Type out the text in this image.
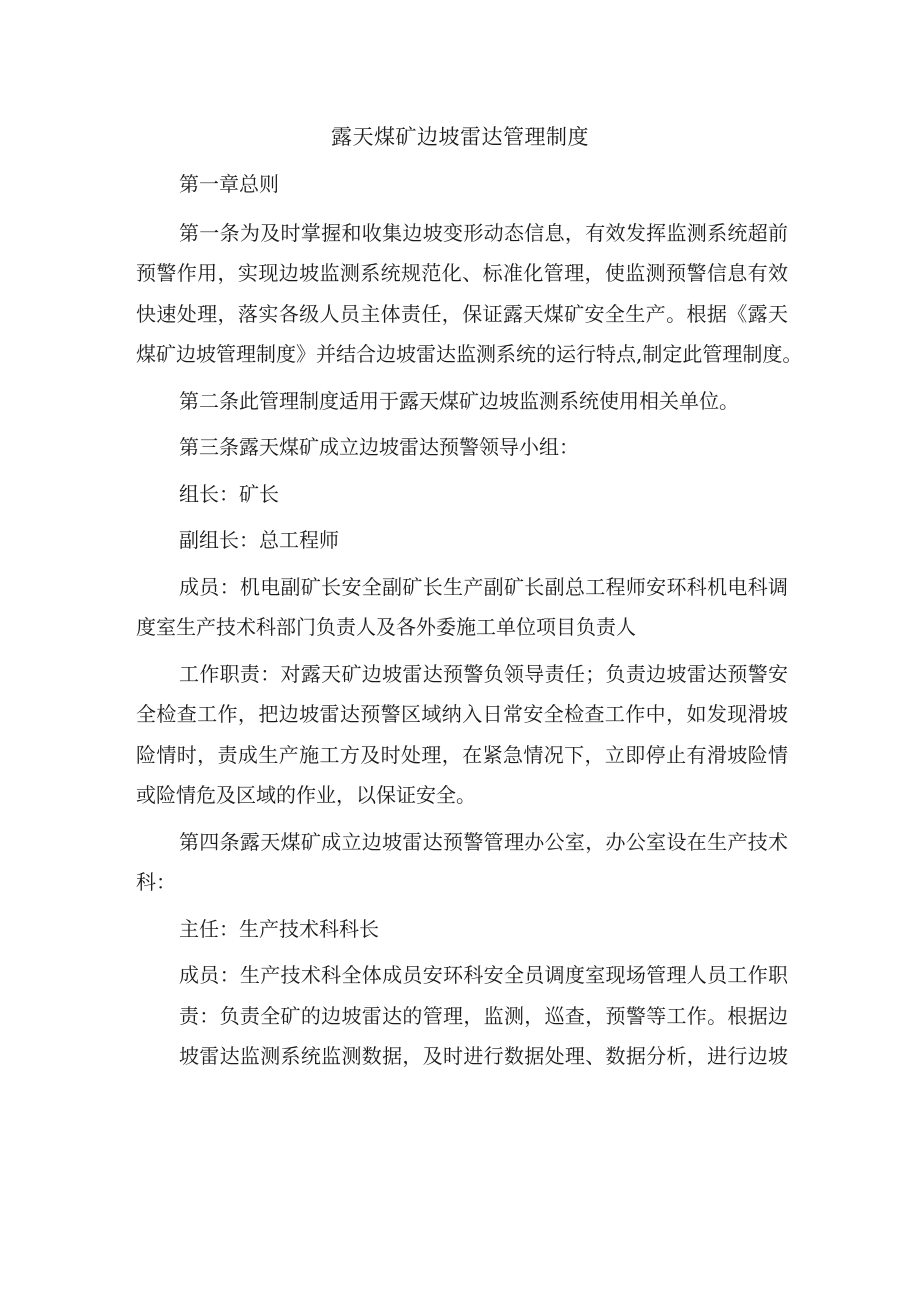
露天煤矿边坡雷达管理制度

第一章总则

第一条为及时掌握和收集边坡变形动态信息，有效发挥监测系统超前
预警作用，实现边坡监测系统规范化、标准化管理，使监测预警信息有效
快速处理，落实各级人员主体责任，保证露天煤矿安全生产。根据《露天
煤矿边坡管理制度》并结合边坡雷达监测系统的运行特点,制定此管理制度。

第二条此管理制度适用于露天煤矿边坡监测系统使用相关单位。

第三条露天煤矿成立边坡雷达预警领导小组：

组长：矿长

副组长：总工程师

成员：机电副矿长安全副矿长生产副矿长副总工程师安环科机电科调
度室生产技术科部门负责人及各外委施工单位项目负责人
工作职责：对露天矿边坡雷达预警负领导责任；负责边坡雷达预警安
全检查工作，把边坡雷达预警区域纳入日常安全检查工作中，如发现滑坡
险情时，责成生产施工方及时处理，在紧急情况下，立即停止有滑坡险情
或险情危及区域的作业，以保证安全。
第四条露天煤矿成立边坡雷达预警管理办公室，办公室设在生产技术
科：

主任：生产技术科科长

成员：生产技术科全体成员安环科安全员调度室现场管理人员工作职
责：负责全矿的边坡雷达的管理，监测，巡查，预警等工作。根据边
坡雷达监测系统监测数据，及时进行数据处理、数据分析，进行边坡
